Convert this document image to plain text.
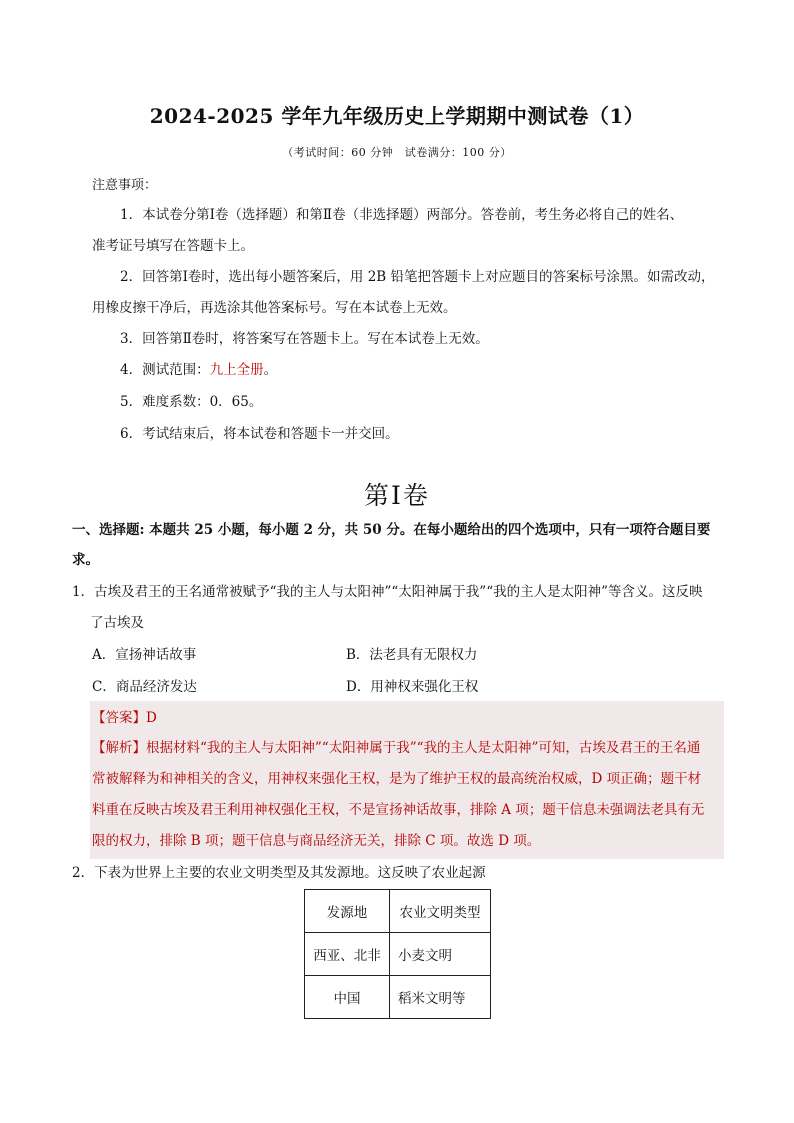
2024-2025 学年九年级历史上学期期中测试卷（1）
（考试时间：60 分钟　试卷满分：100 分）
注意事项：
1．本试卷分第Ⅰ卷（选择题）和第Ⅱ卷（非选择题）两部分。答卷前，考生务必将自己的姓名、
准考证号填写在答题卡上。
2．回答第Ⅰ卷时，选出每小题答案后，用 2B 铅笔把答题卡上对应题目的答案标号涂黑。如需改动，
用橡皮擦干净后，再选涂其他答案标号。写在本试卷上无效。
3．回答第Ⅱ卷时，将答案写在答题卡上。写在本试卷上无效。
4．测试范围：九上全册。
5．难度系数：0．65。
6．考试结束后，将本试卷和答题卡一并交回。
第Ⅰ卷
一、选择题: 本题共 25 小题，每小题 2 分，共 50 分。在每小题给出的四个选项中，只有一项符合题目要
求。
1．古埃及君王的王名通常被赋予“我的主人与太阳神”“太阳神属于我”“我的主人是太阳神”等含义。这反映
了古埃及
A．宣扬神话故事	B．法老具有无限权力
C．商品经济发达	D．用神权来强化王权
【答案】D
【解析】根据材料“我的主人与太阳神”“太阳神属于我”“我的主人是太阳神”可知，古埃及君王的王名通
常被解释为和神相关的含义，用神权来强化王权，是为了维护王权的最高统治权威，D 项正确；题干材
料重在反映古埃及君王利用神权强化王权，不是宣扬神话故事，排除 A 项；题干信息未强调法老具有无
限的权力，排除 B 项；题干信息与商品经济无关，排除 C 项。故选 D 项。
2．下表为世界上主要的农业文明类型及其发源地。这反映了农业起源
发源地	农业文明类型
西亚、北非	小麦文明
中国	稻米文明等
